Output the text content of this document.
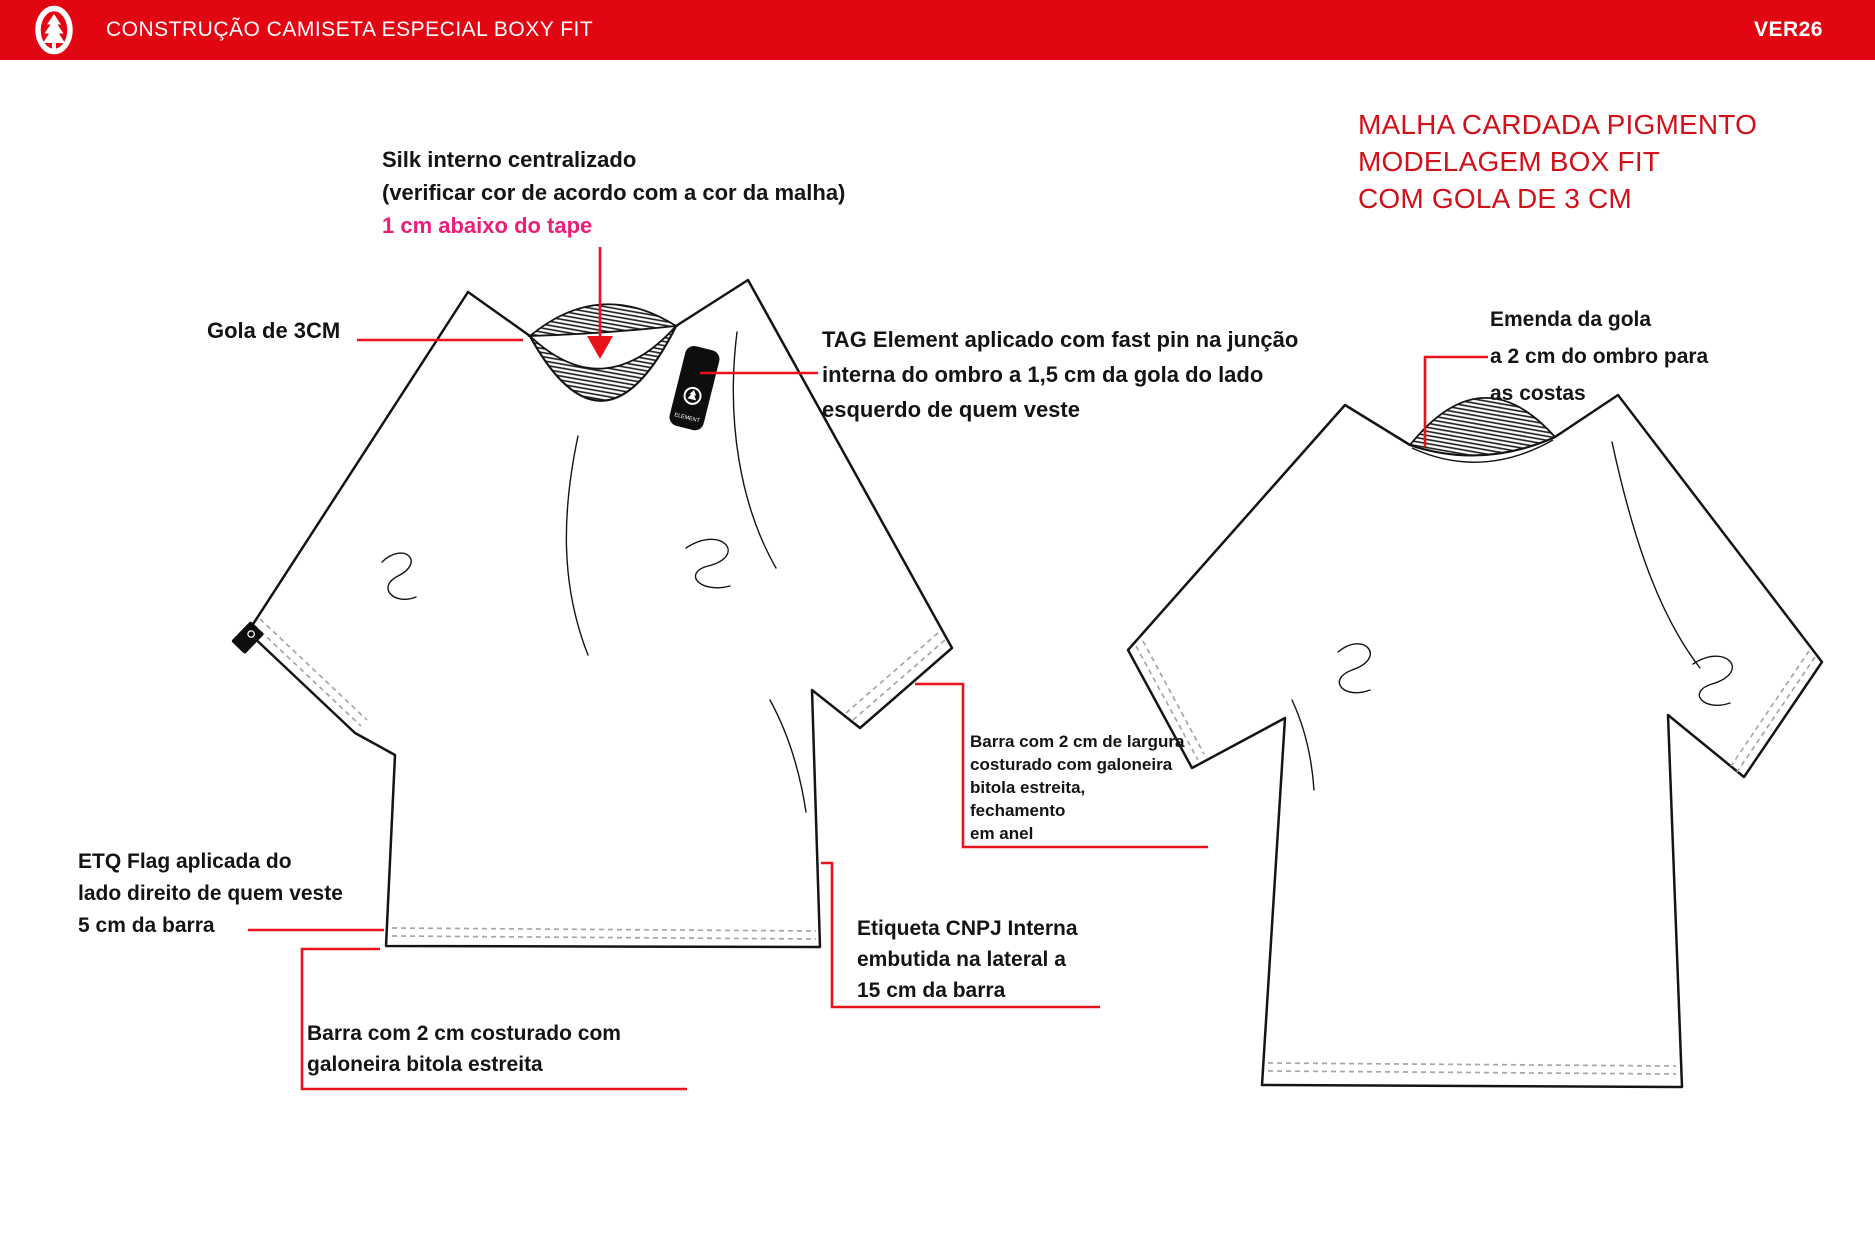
CONSTRUÇÃO CAMISETA ESPECIAL BOXY FIT	VER26
ELEMENT
Silk interno centralizado
(verificar cor de acordo com a cor da malha)
1 cm abaixo do tape
Gola de 3CM	TAG Element aplicado com fast pin na junção
interna do ombro a 1,5 cm da gola do lado
esquerdo de quem veste
MALHA CARDADA PIGMENTO
MODELAGEM BOX FIT
COM GOLA DE 3 CM
Emenda da gola
a 2 cm do ombro para
as costas
Barra com 2 cm de largura
costurado com galoneira
bitola estreita,
fechamento
em anel
ETQ Flag aplicada do
lado direito de quem veste
5 cm da barra	Etiqueta CNPJ Interna
embutida na lateral a
15 cm da barra
Barra com 2 cm costurado com
galoneira bitola estreita
